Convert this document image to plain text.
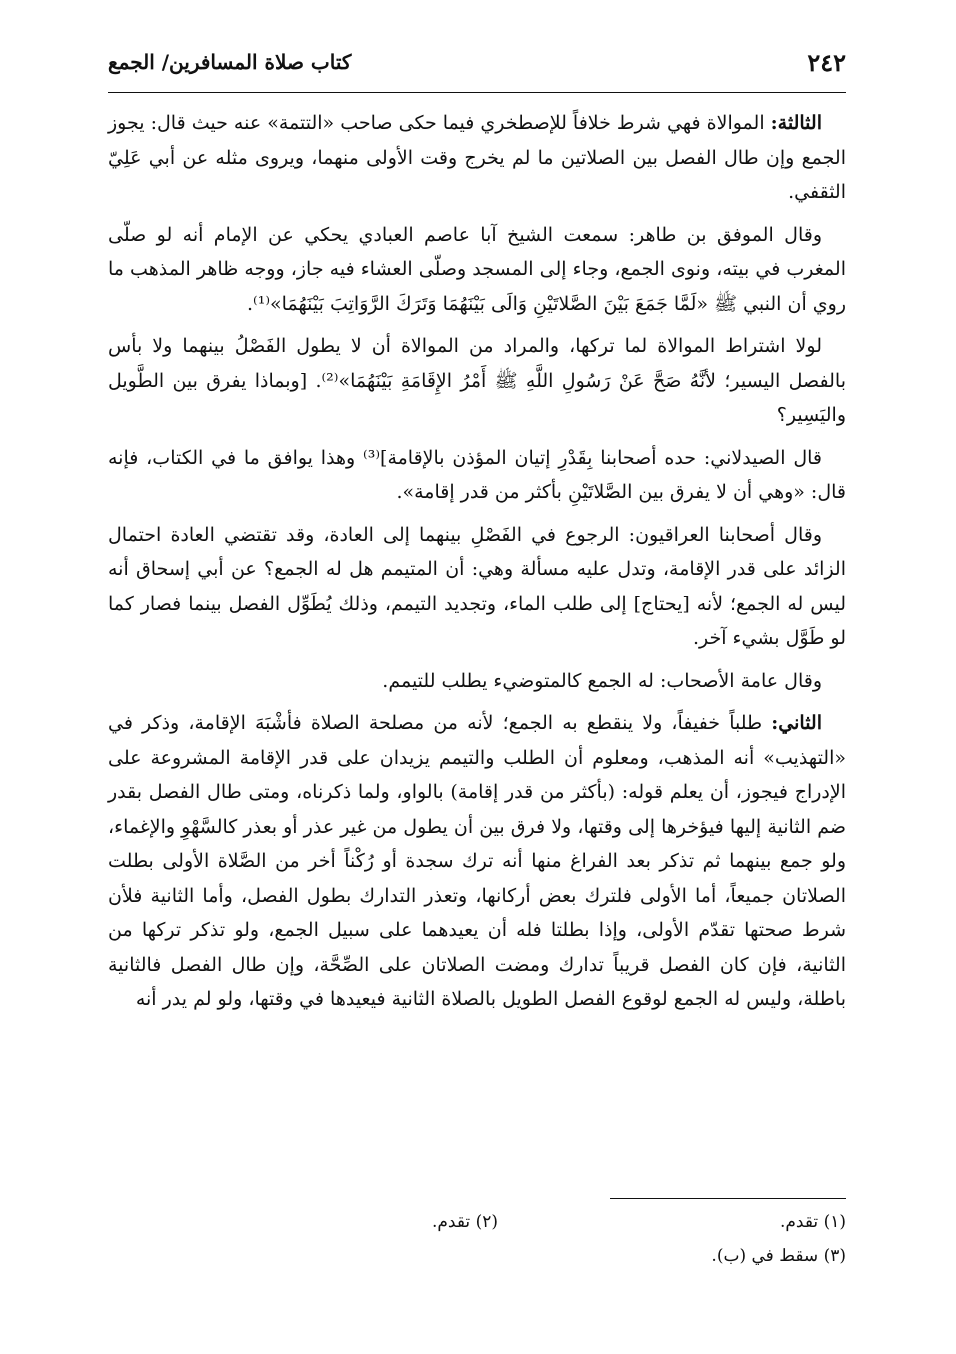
٢٤٢
كتاب صلاة المسافرين/ الجمع

الثالثة: الموالاة فهي شرط خلافاً للإصطخري فيما حكى صاحب «التتمة» عنه حيث قال: يجوز الجمع وإن طال الفصل بين الصلاتين ما لم يخرج وقت الأولى منهما، ويروى مثله عن أبي عَلِيّ الثقفي.

وقال الموفق بن طاهر: سمعت الشيخ آبا عاصم العبادي يحكي عن الإمام أنه لو صلّى المغرب في بيته، ونوى الجمع، وجاء إلى المسجد وصلّى العشاء فيه جاز، ووجه ظاهر المذهب ما روي أن النبي ﷺ «لَمَّا جَمَعَ بَيْنَ الصَّلاتَيْنِ وَالَى بَيْنَهُمَا وَتَرَكَ الرَّوَاتِبَ بَيْنَهُمَا»⁽¹⁾.

لولا اشتراط الموالاة لما تركها، والمراد من الموالاة أن لا يطول الفَصْلُ بينهما ولا بأس بالفصل اليسير؛ لأنَّهُ صَحَّ عَنْ رَسُولِ اللَّهِ ﷺ أَمْرُ الإِقَامَةِ بَيْنَهُمَا»⁽²⁾. [وبماذا يفرق بين الطَّويل واليَسِير؟

قال الصيدلاني: حده أصحابنا بِقَدْرِ إتيان المؤذن بالإقامة]⁽³⁾ وهذا يوافق ما في الكتاب، فإنه قال: «وهي أن لا يفرق بين الصَّلاتَيْنِ بأكثر من قدر إقامة».

وقال أصحابنا العراقيون: الرجوع في الفَصْلِ بينهما إلى العادة، وقد تقتضي العادة احتمال الزائد على قدر الإقامة، وتدل عليه مسألة وهي: أن المتيمم هل له الجمع؟ عن أبي إسحاق أنه ليس له الجمع؛ لأنه [يحتاج] إلى طلب الماء، وتجديد التيمم، وذلك يُطَوِّل الفصل بينما فصار كما لو طَوَّل بشيء آخر.

وقال عامة الأصحاب: له الجمع كالمتوضيء يطلب للتيمم.

الثاني: طلباً خفيفاً، ولا ينقطع به الجمع؛ لأنه من مصلحة الصلاة فأشْبَهَ الإقامة، وذكر في «التهذيب» أنه المذهب، ومعلوم أن الطلب والتيمم يزيدان على قدر الإقامة المشروعة على الإدراج فيجوز، أن يعلم قوله: (بأكثر من قدر إقامة) بالواو، ولما ذكرناه، ومتى طال الفصل بقدر ضم الثانية إليها فيؤخرها إلى وقتها، ولا فرق بين أن يطول من غير عذر أو بعذر كالسَّهْوِ والإغماء، ولو جمع بينهما ثم تذكر بعد الفراغ منها أنه ترك سجدة أو رُكْناً أخر من الصَّلاة الأولى بطلت الصلاتان جميعاً، أما الأولى فلترك بعض أركانها، وتعذر التدارك بطول الفصل، وأما الثانية فلأن شرط صحتها تقدّم الأولى، وإذا بطلتا فله أن يعيدهما على سبيل الجمع، ولو تذكر تركها من الثانية، فإن كان الفصل قريباً تدارك ومضت الصلاتان على الصِّحَّة، وإن طال الفصل فالثانية باطلة، وليس له الجمع لوقوع الفصل الطويل بالصلاة الثانية فيعيدها في وقتها، ولو لم يدر أنه

(١) تقدم.
(٢) تقدم.
(٣) سقط في (ب).
